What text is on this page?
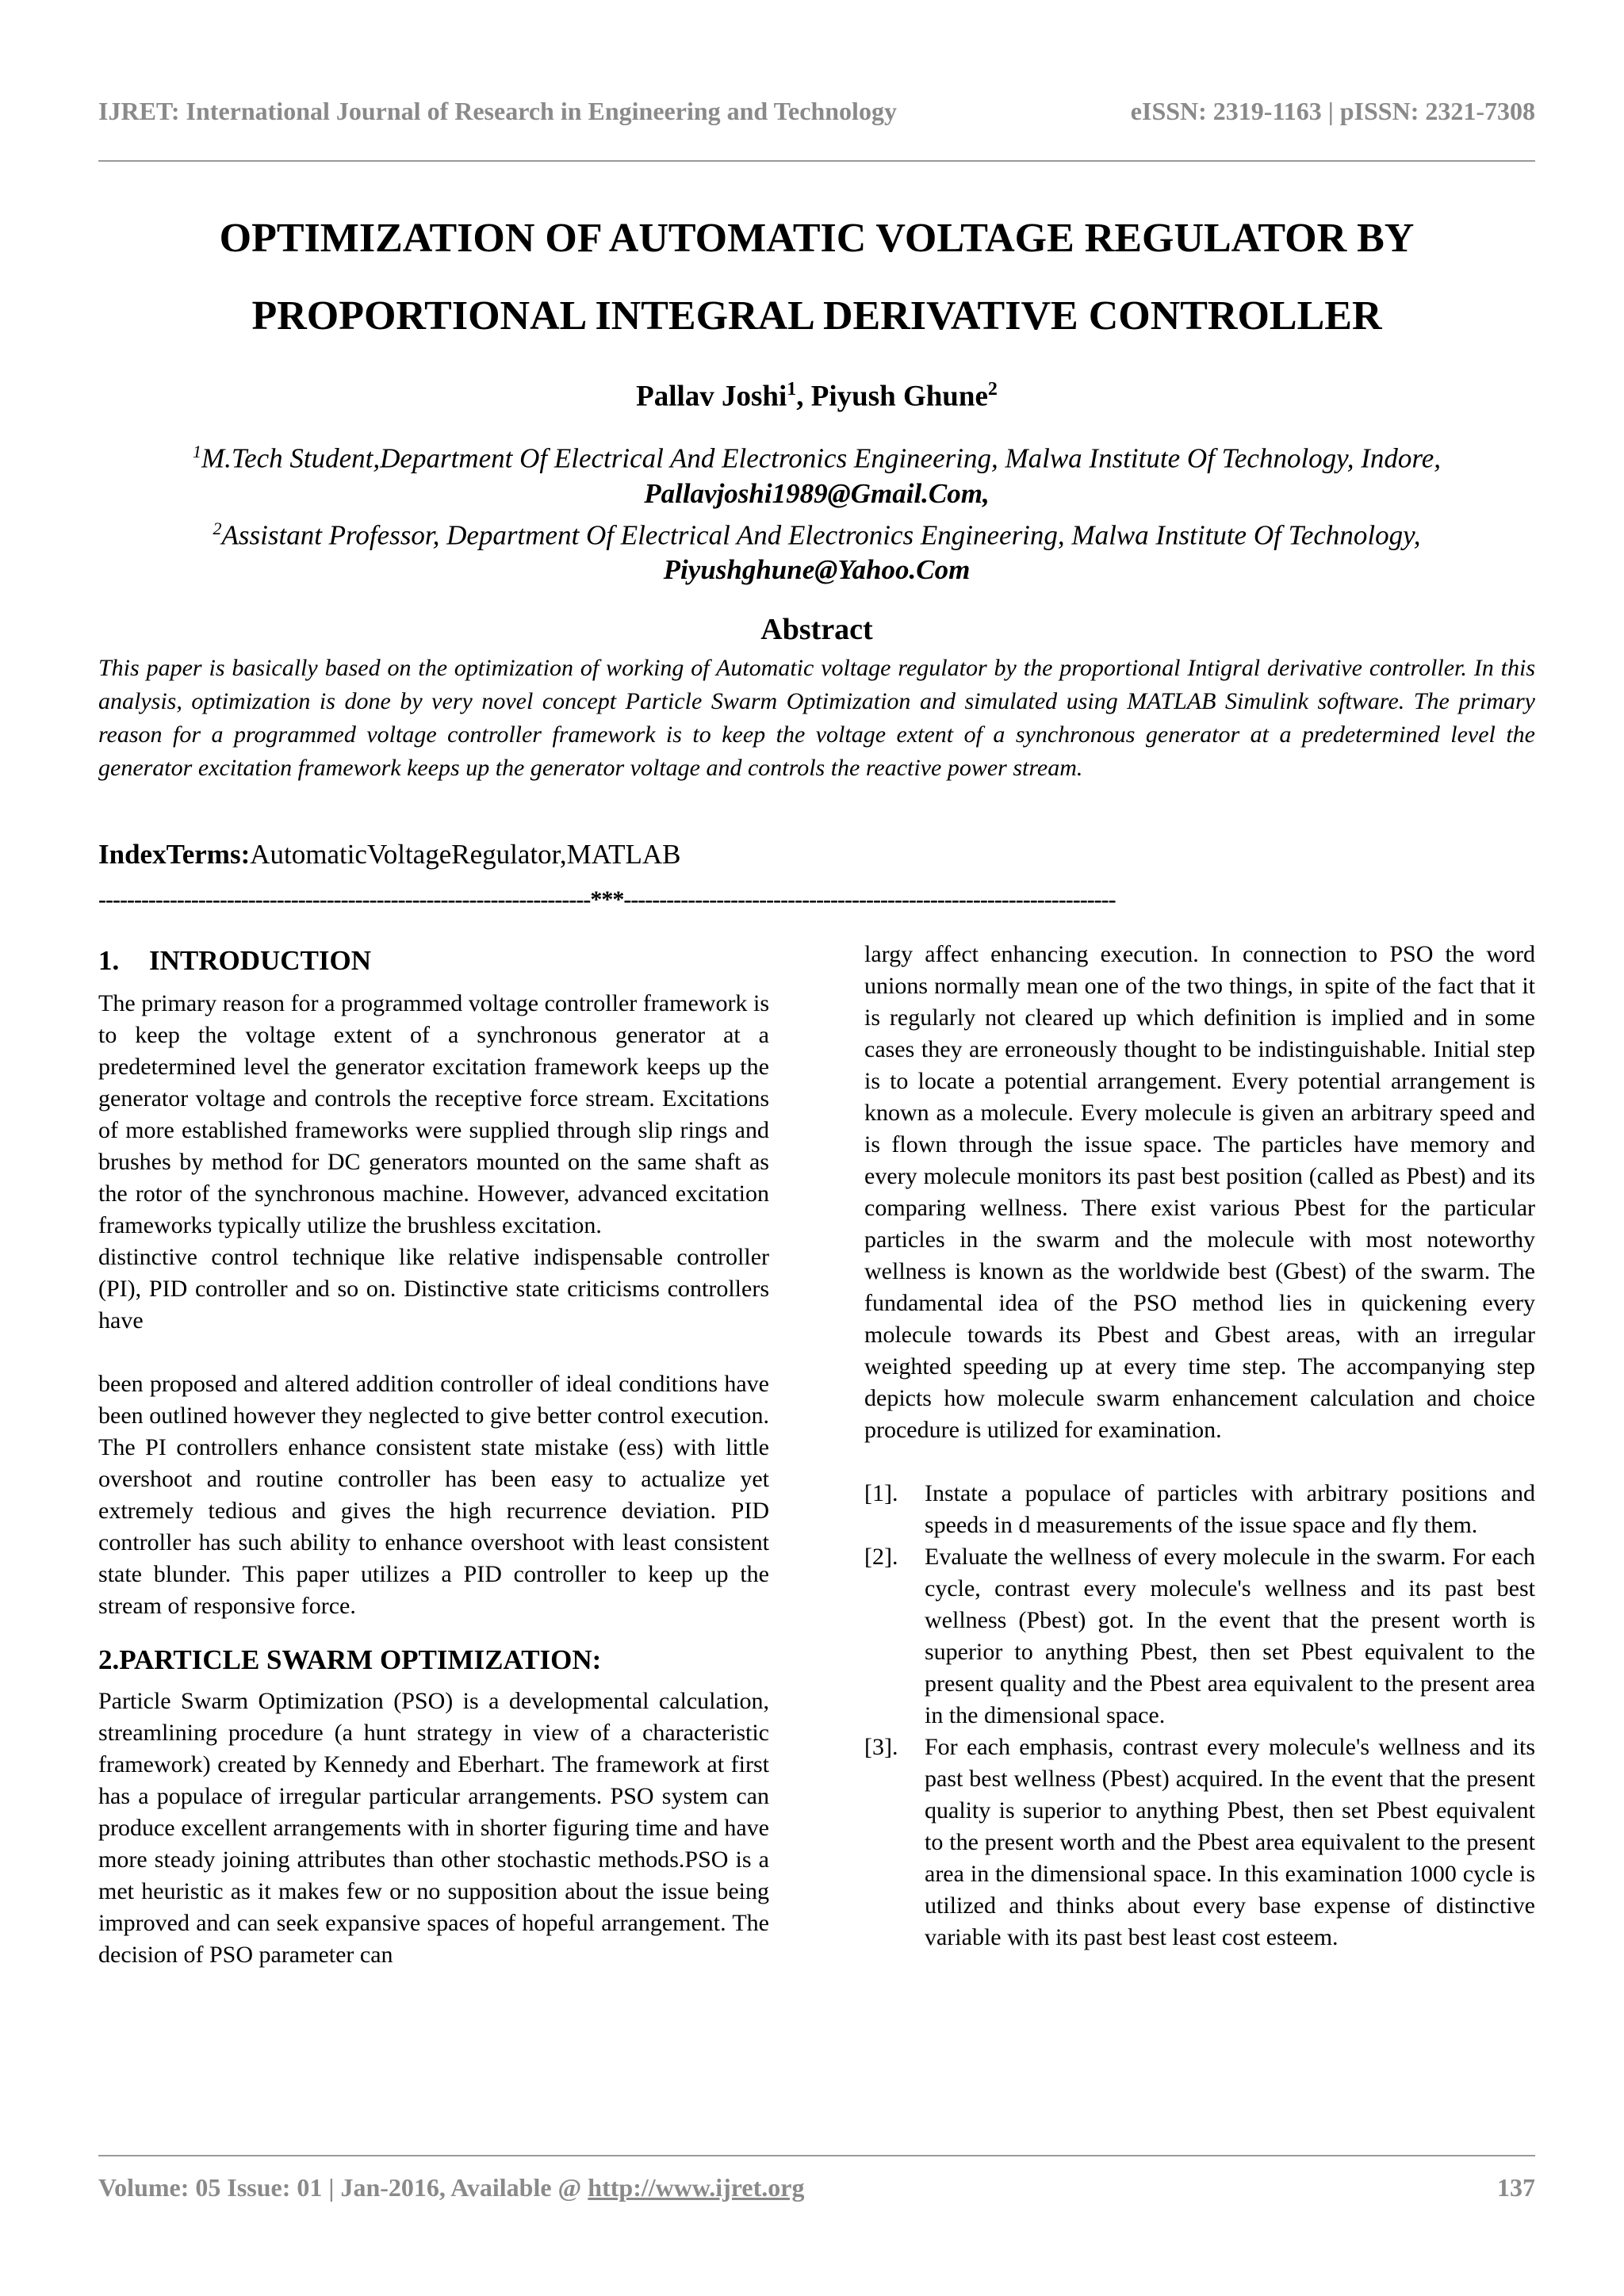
IJRET: International Journal of Research in Engineering and Technology	eISSN: 2319-1163 | pISSN: 2321-7308
OPTIMIZATION OF AUTOMATIC VOLTAGE REGULATOR BY
PROPORTIONAL INTEGRAL DERIVATIVE CONTROLLER
Pallav Joshi$^1$, Piyush Ghune$^2$
$^1$M.Tech Student,Department Of Electrical And Electronics Engineering, Malwa Institute Of Technology, Indore,
Pallavjoshi1989@Gmail.Com,
$^2$Assistant Professor, Department Of Electrical And Electronics Engineering, Malwa Institute Of Technology,
Piyushghune@Yahoo.Com
Abstract
This paper is basically based on the optimization of working of Automatic voltage regulator by the proportional Intigral derivative controller. In this analysis, optimization is done by very novel concept Particle Swarm Optimization and simulated using MATLAB Simulink software. The primary reason for a programmed voltage controller framework is to keep the voltage extent of a synchronous generator at a predetermined level the generator excitation framework keeps up the generator voltage and controls the reactive power stream.
IndexTerms:AutomaticVoltageRegulator,MATLAB
---------------------------------------------------------------------***---------------------------------------------------------------------
1. INTRODUCTION

The primary reason for a programmed voltage controller framework is to keep the voltage extent of a synchronous generator at a predetermined level the generator excitation framework keeps up the generator voltage and controls the receptive force stream. Excitations of more established frameworks were supplied through slip rings and brushes by method for DC generators mounted on the same shaft as the rotor of the synchronous machine. However, advanced excitation frameworks typically utilize the brushless excitation.

distinctive control technique like relative indispensable controller (PI), PID controller and so on. Distinctive state criticisms controllers have

been proposed and altered addition controller of ideal conditions have been outlined however they neglected to give better control execution. The PI controllers enhance consistent state mistake (ess) with little overshoot and routine controller has been easy to actualize yet extremely tedious and gives the high recurrence deviation. PID controller has such ability to enhance overshoot with least consistent state blunder. This paper utilizes a PID controller to keep up the stream of responsive force.

2.PARTICLE SWARM OPTIMIZATION:

Particle Swarm Optimization (PSO) is a developmental calculation, streamlining procedure (a hunt strategy in view of a characteristic framework) created by Kennedy and Eberhart. The framework at first has a populace of irregular particular arrangements. PSO system can produce excellent arrangements with in shorter figuring time and have more steady joining attributes than other stochastic methods.PSO is a met heuristic as it makes few or no supposition about the issue being improved and can seek expansive spaces of hopeful arrangement. The decision of PSO parameter can

largy affect enhancing execution. In connection to PSO the word unions normally mean one of the two things, in spite of the fact that it is regularly not cleared up which definition is implied and in some cases they are erroneously thought to be indistinguishable. Initial step is to locate a potential arrangement. Every potential arrangement is known as a molecule. Every molecule is given an arbitrary speed and is flown through the issue space. The particles have memory and every molecule monitors its past best position (called as Pbest) and its comparing wellness. There exist various Pbest for the particular particles in the swarm and the molecule with most noteworthy wellness is known as the worldwide best (Gbest) of the swarm. The fundamental idea of the PSO method lies in quickening every molecule towards its Pbest and Gbest areas, with an irregular weighted speeding up at every time step. The accompanying step depicts how molecule swarm enhancement calculation and choice procedure is utilized for examination.

[1]. Instate a populace of particles with arbitrary positions and speeds in d measurements of the issue space and fly them.
[2]. Evaluate the wellness of every molecule in the swarm. For each cycle, contrast every molecule's wellness and its past best wellness (Pbest) got. In the event that the present worth is superior to anything Pbest, then set Pbest equivalent to the present quality and the Pbest area equivalent to the present area in the dimensional space.
[3]. For each emphasis, contrast every molecule's wellness and its past best wellness (Pbest) acquired. In the event that the present quality is superior to anything Pbest, then set Pbest equivalent to the present worth and the Pbest area equivalent to the present area in the dimensional space. In this examination 1000 cycle is utilized and thinks about every base expense of distinctive variable with its past best least cost esteem.
Volume: 05 Issue: 01 | Jan-2016, Available @ http://www.ijret.org	137
